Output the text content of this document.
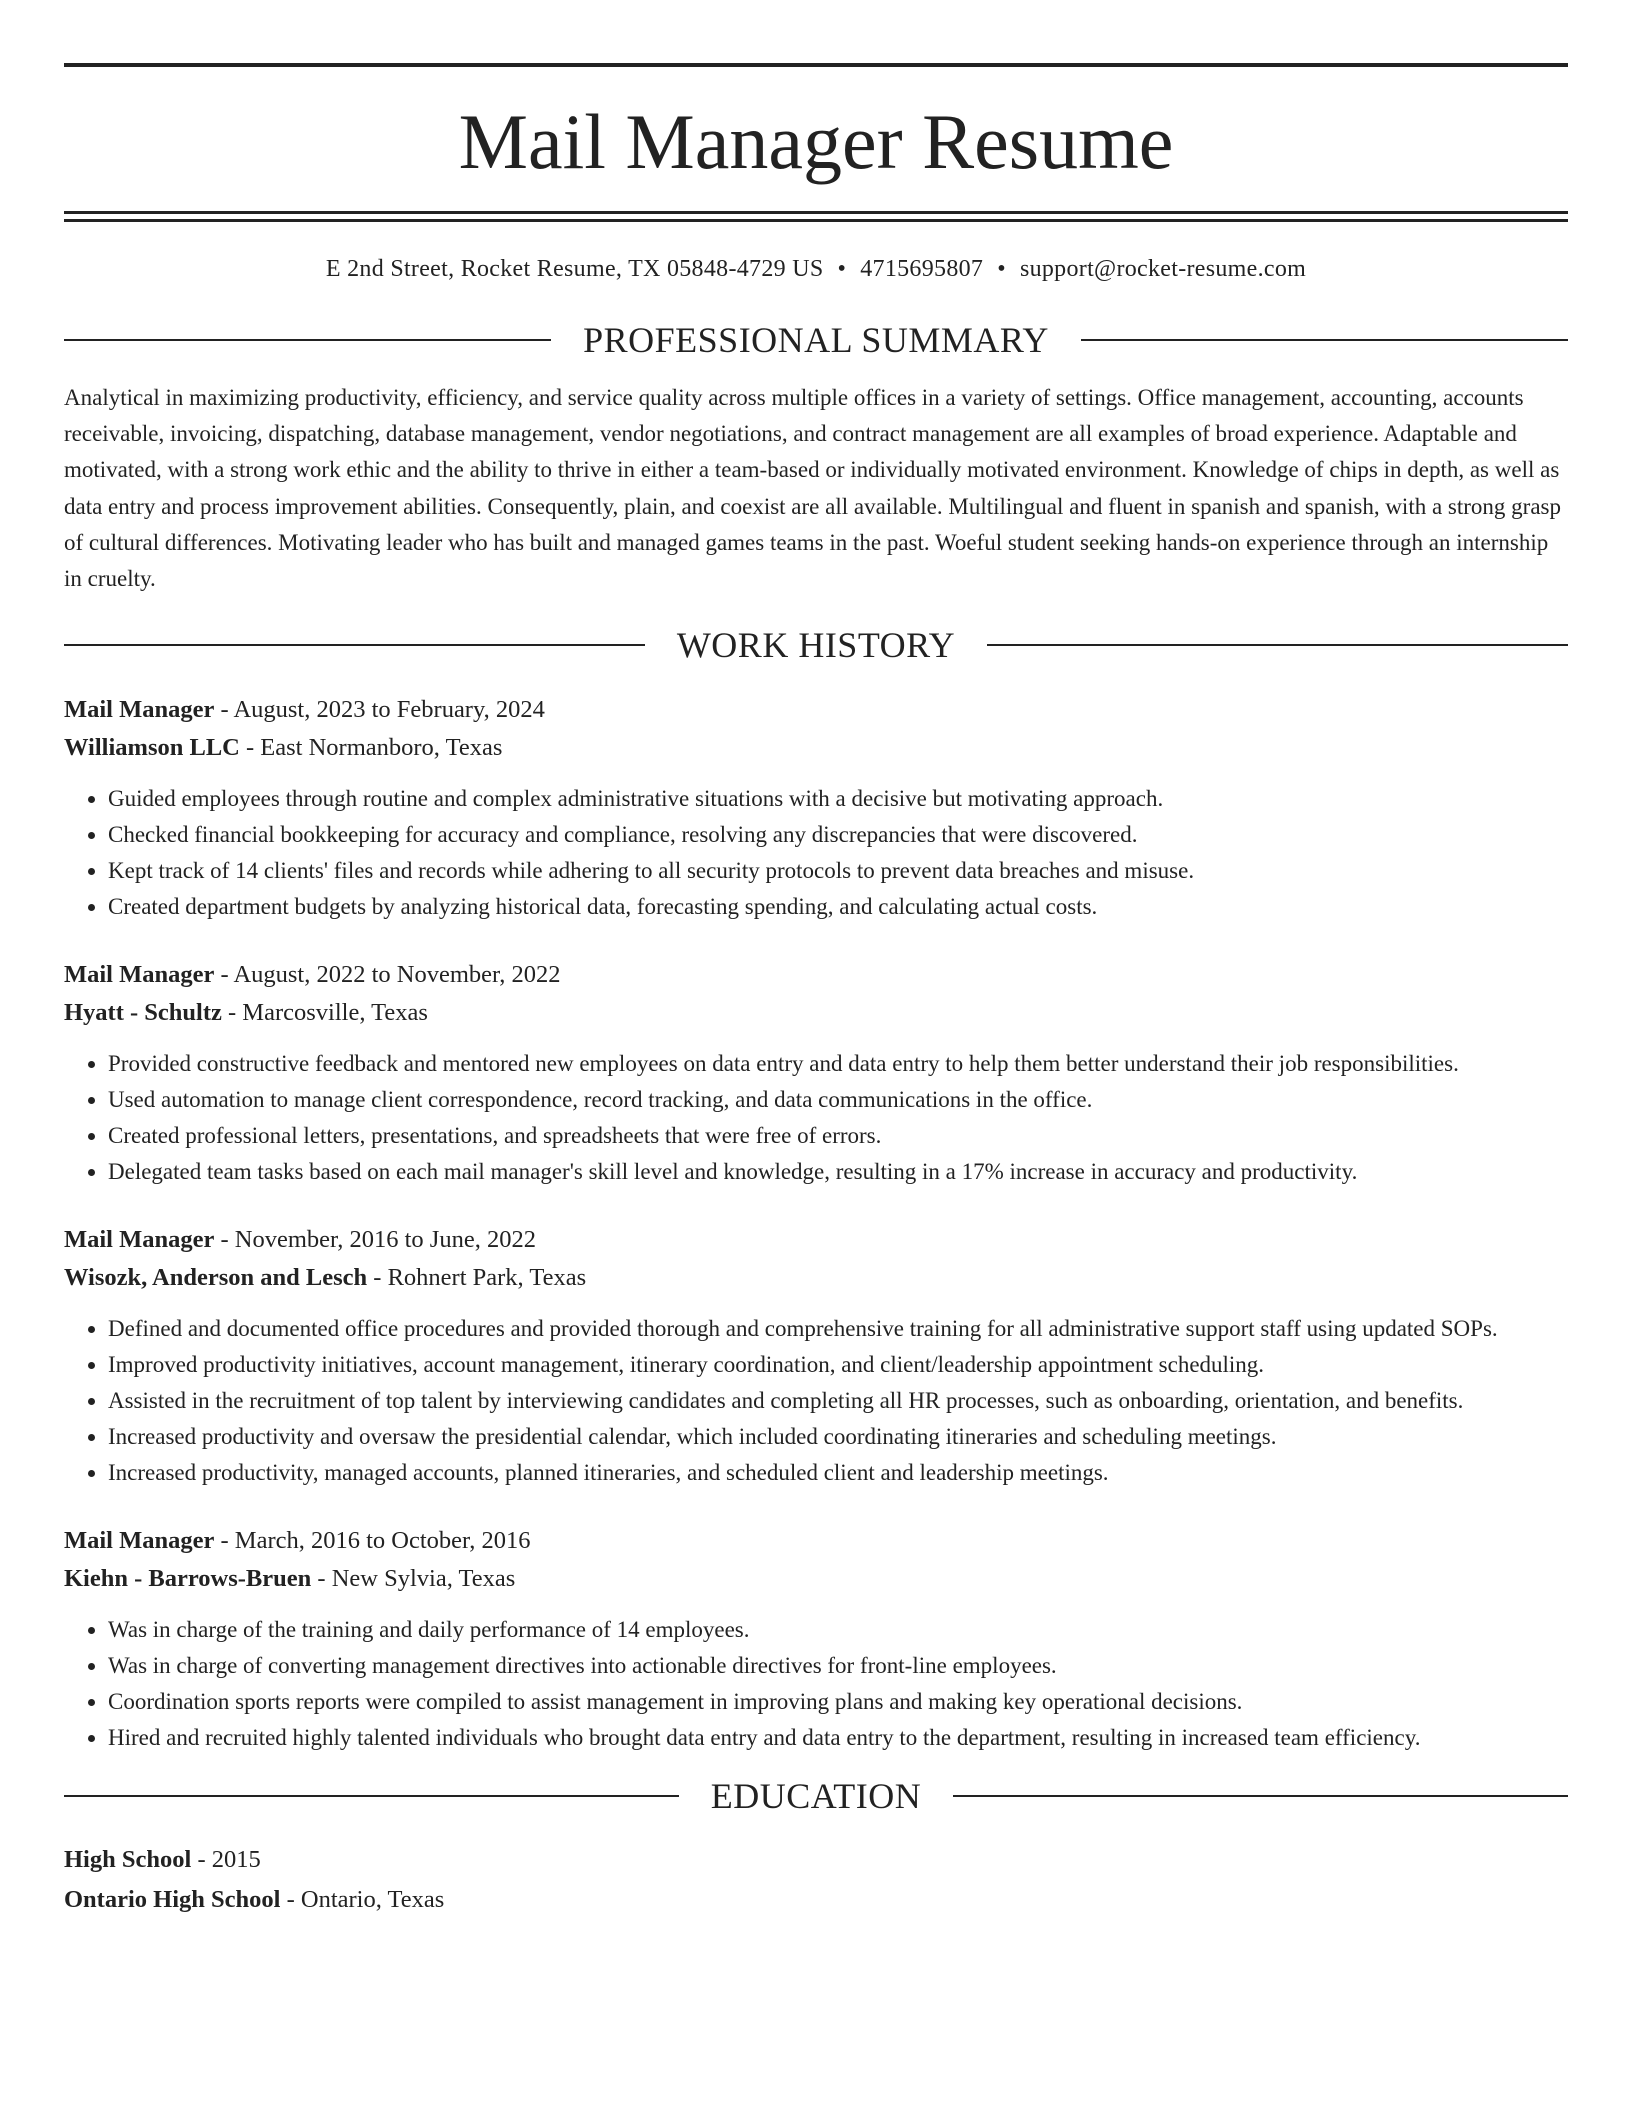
Mail Manager Resume
E 2nd Street, Rocket Resume, TX 05848-4729 US • 4715695807 • support@rocket-resume.com
PROFESSIONAL SUMMARY

Analytical in maximizing productivity, efficiency, and service quality across multiple offices in a variety of settings. Office management, accounting, accounts receivable, invoicing, dispatching, database management, vendor negotiations, and contract management are all examples of broad experience. Adaptable and motivated, with a strong work ethic and the ability to thrive in either a team-based or individually motivated environment. Knowledge of chips in depth, as well as data entry and process improvement abilities. Consequently, plain, and coexist are all available. Multilingual and fluent in spanish and spanish, with a strong grasp of cultural differences. Motivating leader who has built and managed games teams in the past. Woeful student seeking hands-on experience through an internship in cruelty.

WORK HISTORY

Mail Manager - August, 2023 to February, 2024

Williamson LLC - East Normanboro, Texas

• Guided employees through routine and complex administrative situations with a decisive but motivating approach.
• Checked financial bookkeeping for accuracy and compliance, resolving any discrepancies that were discovered.
• Kept track of 14 clients' files and records while adhering to all security protocols to prevent data breaches and misuse.
• Created department budgets by analyzing historical data, forecasting spending, and calculating actual costs.

Mail Manager - August, 2022 to November, 2022

Hyatt - Schultz - Marcosville, Texas

• Provided constructive feedback and mentored new employees on data entry and data entry to help them better understand their job responsibilities.
• Used automation to manage client correspondence, record tracking, and data communications in the office.
• Created professional letters, presentations, and spreadsheets that were free of errors.
• Delegated team tasks based on each mail manager's skill level and knowledge, resulting in a 17% increase in accuracy and productivity.

Mail Manager - November, 2016 to June, 2022

Wisozk, Anderson and Lesch - Rohnert Park, Texas

• Defined and documented office procedures and provided thorough and comprehensive training for all administrative support staff using updated SOPs.
• Improved productivity initiatives, account management, itinerary coordination, and client/leadership appointment scheduling.
• Assisted in the recruitment of top talent by interviewing candidates and completing all HR processes, such as onboarding, orientation, and benefits.
• Increased productivity and oversaw the presidential calendar, which included coordinating itineraries and scheduling meetings.
• Increased productivity, managed accounts, planned itineraries, and scheduled client and leadership meetings.

Mail Manager - March, 2016 to October, 2016

Kiehn - Barrows-Bruen - New Sylvia, Texas

• Was in charge of the training and daily performance of 14 employees.
• Was in charge of converting management directives into actionable directives for front-line employees.
• Coordination sports reports were compiled to assist management in improving plans and making key operational decisions.
• Hired and recruited highly talented individuals who brought data entry and data entry to the department, resulting in increased team efficiency.
EDUCATION

High School - 2015

Ontario High School - Ontario, Texas
